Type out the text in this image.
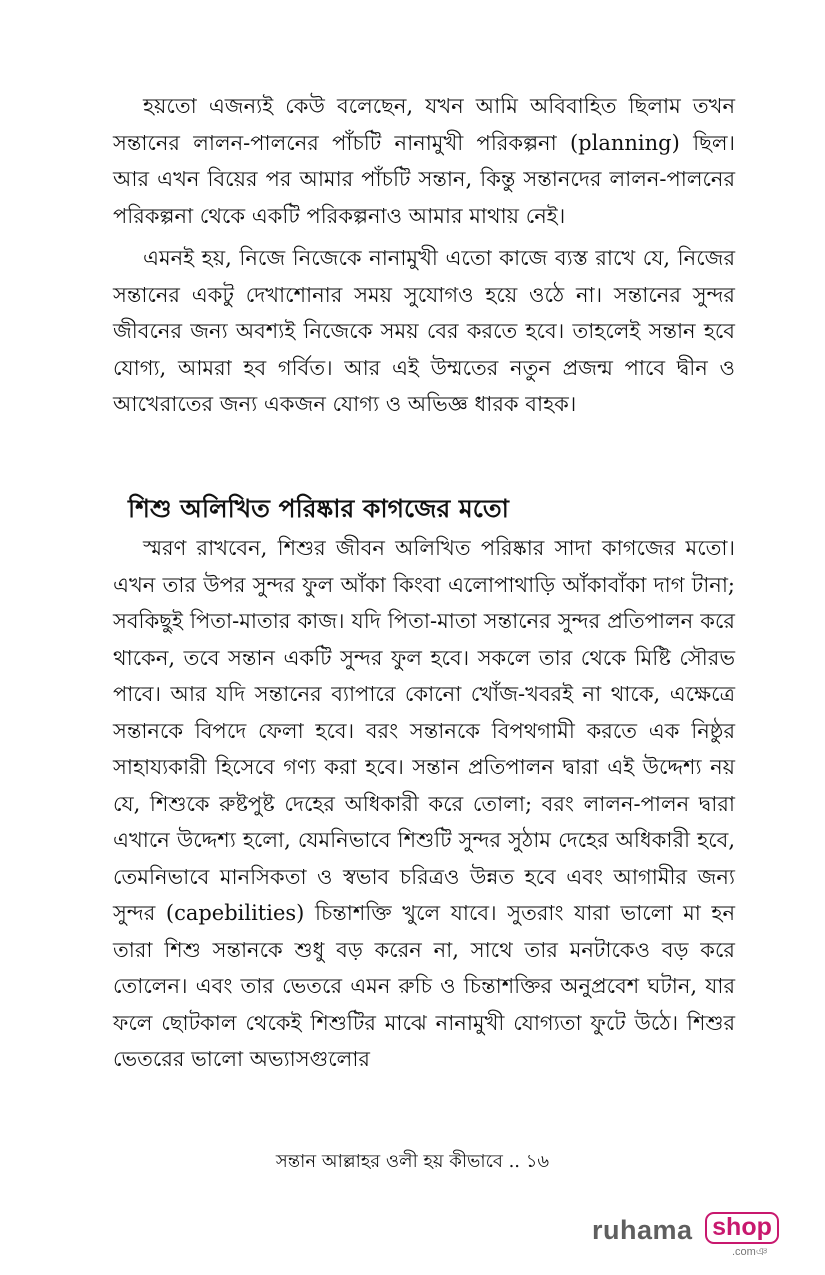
হয়তো এজন্যই কেউ বলেছেন, যখন আমি অবিবাহিত ছিলাম তখন সন্তানের লালন-পালনের পাঁচটি নানামুখী পরিকল্পনা (planning) ছিল। আর এখন বিয়ের পর আমার পাঁচটি সন্তান, কিন্তু সন্তানদের লালন-পালনের পরিকল্পনা থেকে একটি পরিকল্পনাও আমার মাথায় নেই।

এমনই হয়, নিজে নিজেকে নানামুখী এতো কাজে ব্যস্ত রাখে যে, নিজের সন্তানের একটু দেখাশোনার সময় সুযোগও হয়ে ওঠে না। সন্তানের সুন্দর জীবনের জন্য অবশ্যই নিজেকে সময় বের করতে হবে। তাহলেই সন্তান হবে যোগ্য, আমরা হব গর্বিত। আর এই উম্মতের নতুন প্রজন্ম পাবে দ্বীন ও আখেরাতের জন্য একজন যোগ্য ও অভিজ্ঞ ধারক বাহক।

শিশু অলিখিত পরিষ্কার কাগজের মতো

স্মরণ রাখবেন, শিশুর জীবন অলিখিত পরিষ্কার সাদা কাগজের মতো। এখন তার উপর সুন্দর ফুল আঁকা কিংবা এলোপাথাড়ি আঁকাবাঁকা দাগ টানা; সবকিছুই পিতা-মাতার কাজ। যদি পিতা-মাতা সন্তানের সুন্দর প্রতিপালন করে থাকেন, তবে সন্তান একটি সুন্দর ফুল হবে। সকলে তার থেকে মিষ্টি সৌরভ পাবে। আর যদি সন্তানের ব্যাপারে কোনো খোঁজ-খবরই না থাকে, এক্ষেত্রে সন্তানকে বিপদে ফেলা হবে। বরং সন্তানকে বিপথগামী করতে এক নিষ্ঠুর সাহায্যকারী হিসেবে গণ্য করা হবে। সন্তান প্রতিপালন দ্বারা এই উদ্দেশ্য নয় যে, শিশুকে রুষ্টপুষ্ট দেহের অধিকারী করে তোলা; বরং লালন-পালন দ্বারা এখানে উদ্দেশ্য হলো, যেমনিভাবে শিশুটি সুন্দর সুঠাম দেহের অধিকারী হবে, তেমনিভাবে মানসিকতা ও স্বভাব চরিত্রও উন্নত হবে এবং আগামীর জন্য সুন্দর (capebilities) চিন্তাশক্তি খুলে যাবে। সুতরাং যারা ভালো মা হন তারা শিশু সন্তানকে শুধু বড় করেন না, সাথে তার মনটাকেও বড় করে তোলেন। এবং তার ভেতরে এমন রুচি ও চিন্তাশক্তির অনুপ্রবেশ ঘটান, যার ফলে ছোটকাল থেকেই শিশুটির মাঝে নানামুখী যোগ্যতা ফুটে উঠে। শিশুর ভেতরের ভালো অভ্যাসগুলোর

সন্তান আল্লাহর ওলী হয় কীভাবে .. ১৬
ruhama shop
.comঞ
